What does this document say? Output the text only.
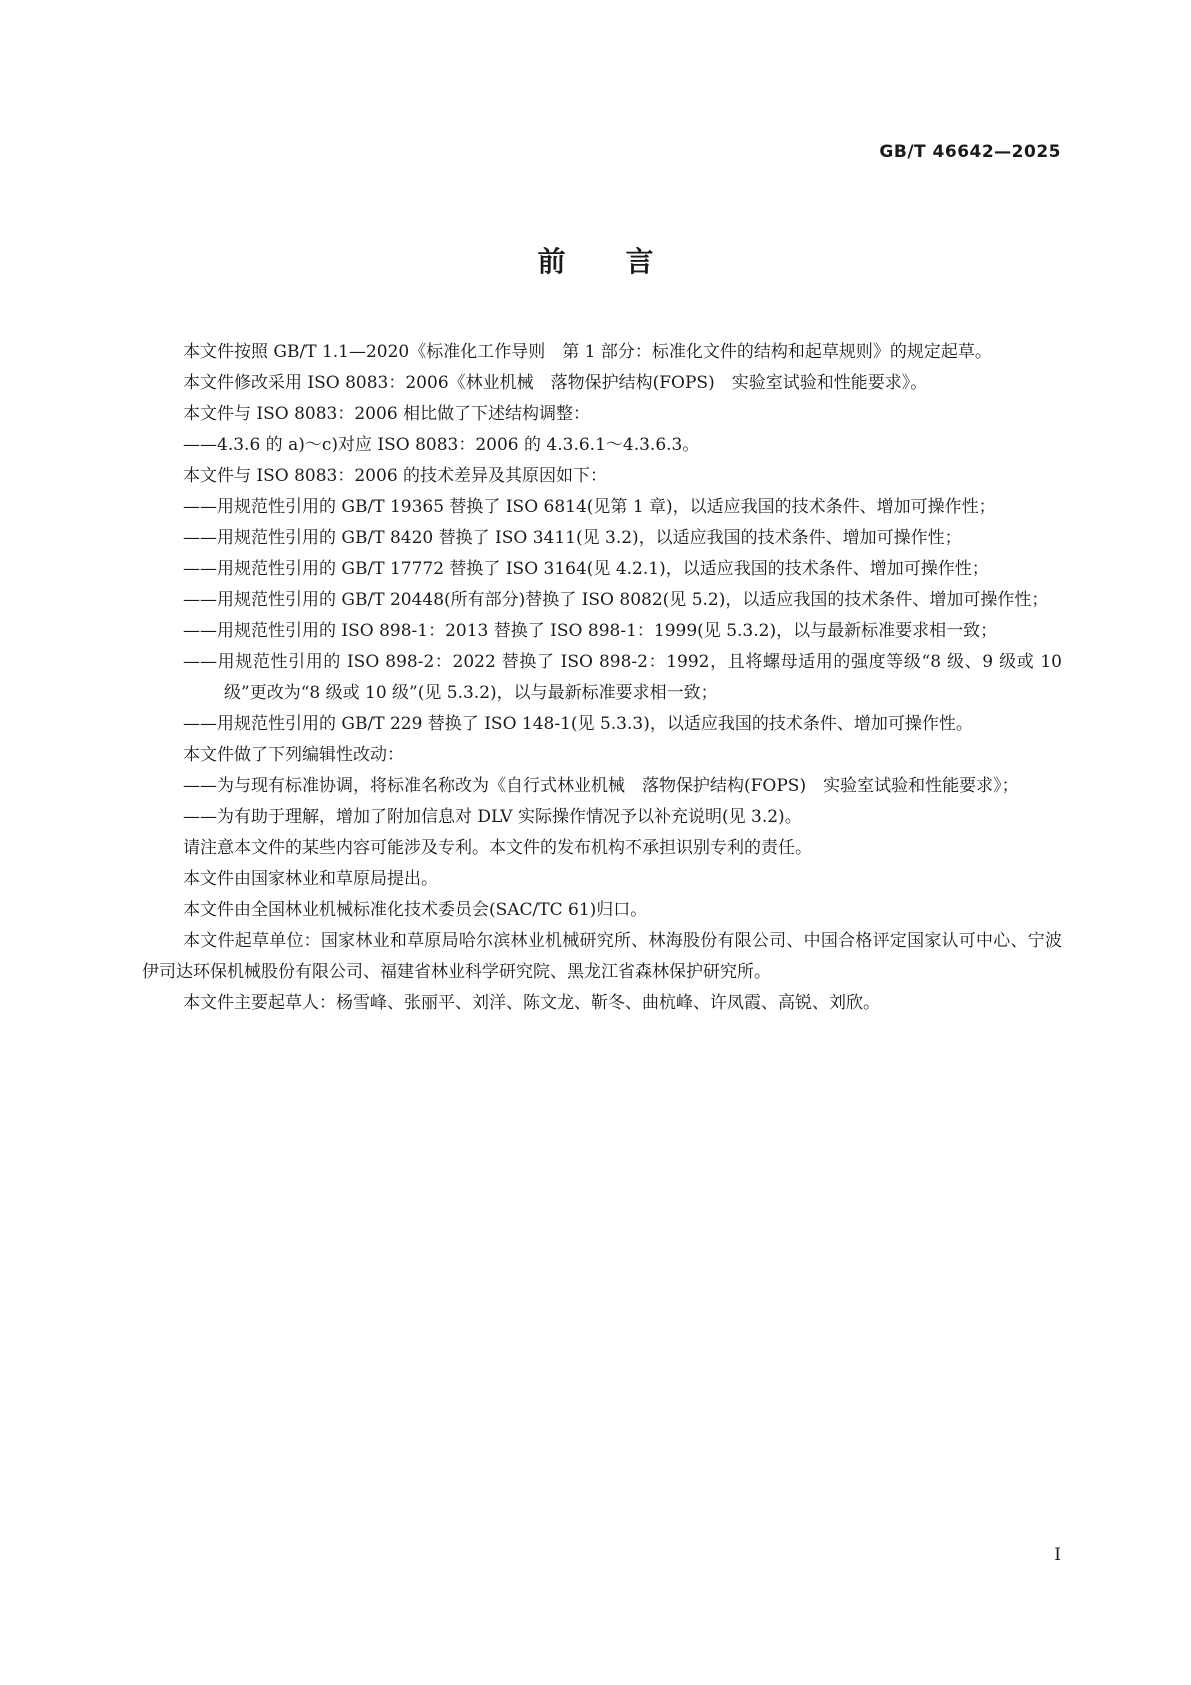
GB/T 46642—2025
前言

本文件按照 GB/T 1.1—2020《标准化工作导则　第 1 部分：标准化文件的结构和起草规则》的规定起草。

本文件修改采用 ISO 8083：2006《林业机械　落物保护结构(FOPS)　实验室试验和性能要求》。

本文件与 ISO 8083：2006 相比做了下述结构调整：

——4.3.6 的 a)～c)对应 ISO 8083：2006 的 4.3.6.1～4.3.6.3。

本文件与 ISO 8083：2006 的技术差异及其原因如下：

——用规范性引用的 GB/T 19365 替换了 ISO 6814(见第 1 章)，以适应我国的技术条件、增加可操作性；

——用规范性引用的 GB/T 8420 替换了 ISO 3411(见 3.2)，以适应我国的技术条件、增加可操作性；

——用规范性引用的 GB/T 17772 替换了 ISO 3164(见 4.2.1)，以适应我国的技术条件、增加可操作性；

——用规范性引用的 GB/T 20448(所有部分)替换了 ISO 8082(见 5.2)，以适应我国的技术条件、增加可操作性；

——用规范性引用的 ISO 898-1：2013 替换了 ISO 898-1：1999(见 5.3.2)，以与最新标准要求相一致；

——用规范性引用的 ISO 898-2：2022 替换了 ISO 898-2：1992，且将螺母适用的强度等级“8 级、9 级或 10 级”更改为“8 级或 10 级”(见 5.3.2)，以与最新标准要求相一致；

——用规范性引用的 GB/T 229 替换了 ISO 148-1(见 5.3.3)，以适应我国的技术条件、增加可操作性。

本文件做了下列编辑性改动：

——为与现有标准协调，将标准名称改为《自行式林业机械　落物保护结构(FOPS)　实验室试验和性能要求》；

——为有助于理解，增加了附加信息对 DLV 实际操作情况予以补充说明(见 3.2)。

请注意本文件的某些内容可能涉及专利。本文件的发布机构不承担识别专利的责任。

本文件由国家林业和草原局提出。

本文件由全国林业机械标准化技术委员会(SAC/TC 61)归口。

本文件起草单位：国家林业和草原局哈尔滨林业机械研究所、林海股份有限公司、中国合格评定国家认可中心、宁波伊司达环保机械股份有限公司、福建省林业科学研究院、黑龙江省森林保护研究所。

本文件主要起草人：杨雪峰、张丽平、刘洋、陈文龙、靳冬、曲杭峰、许凤霞、高锐、刘欣。

I
